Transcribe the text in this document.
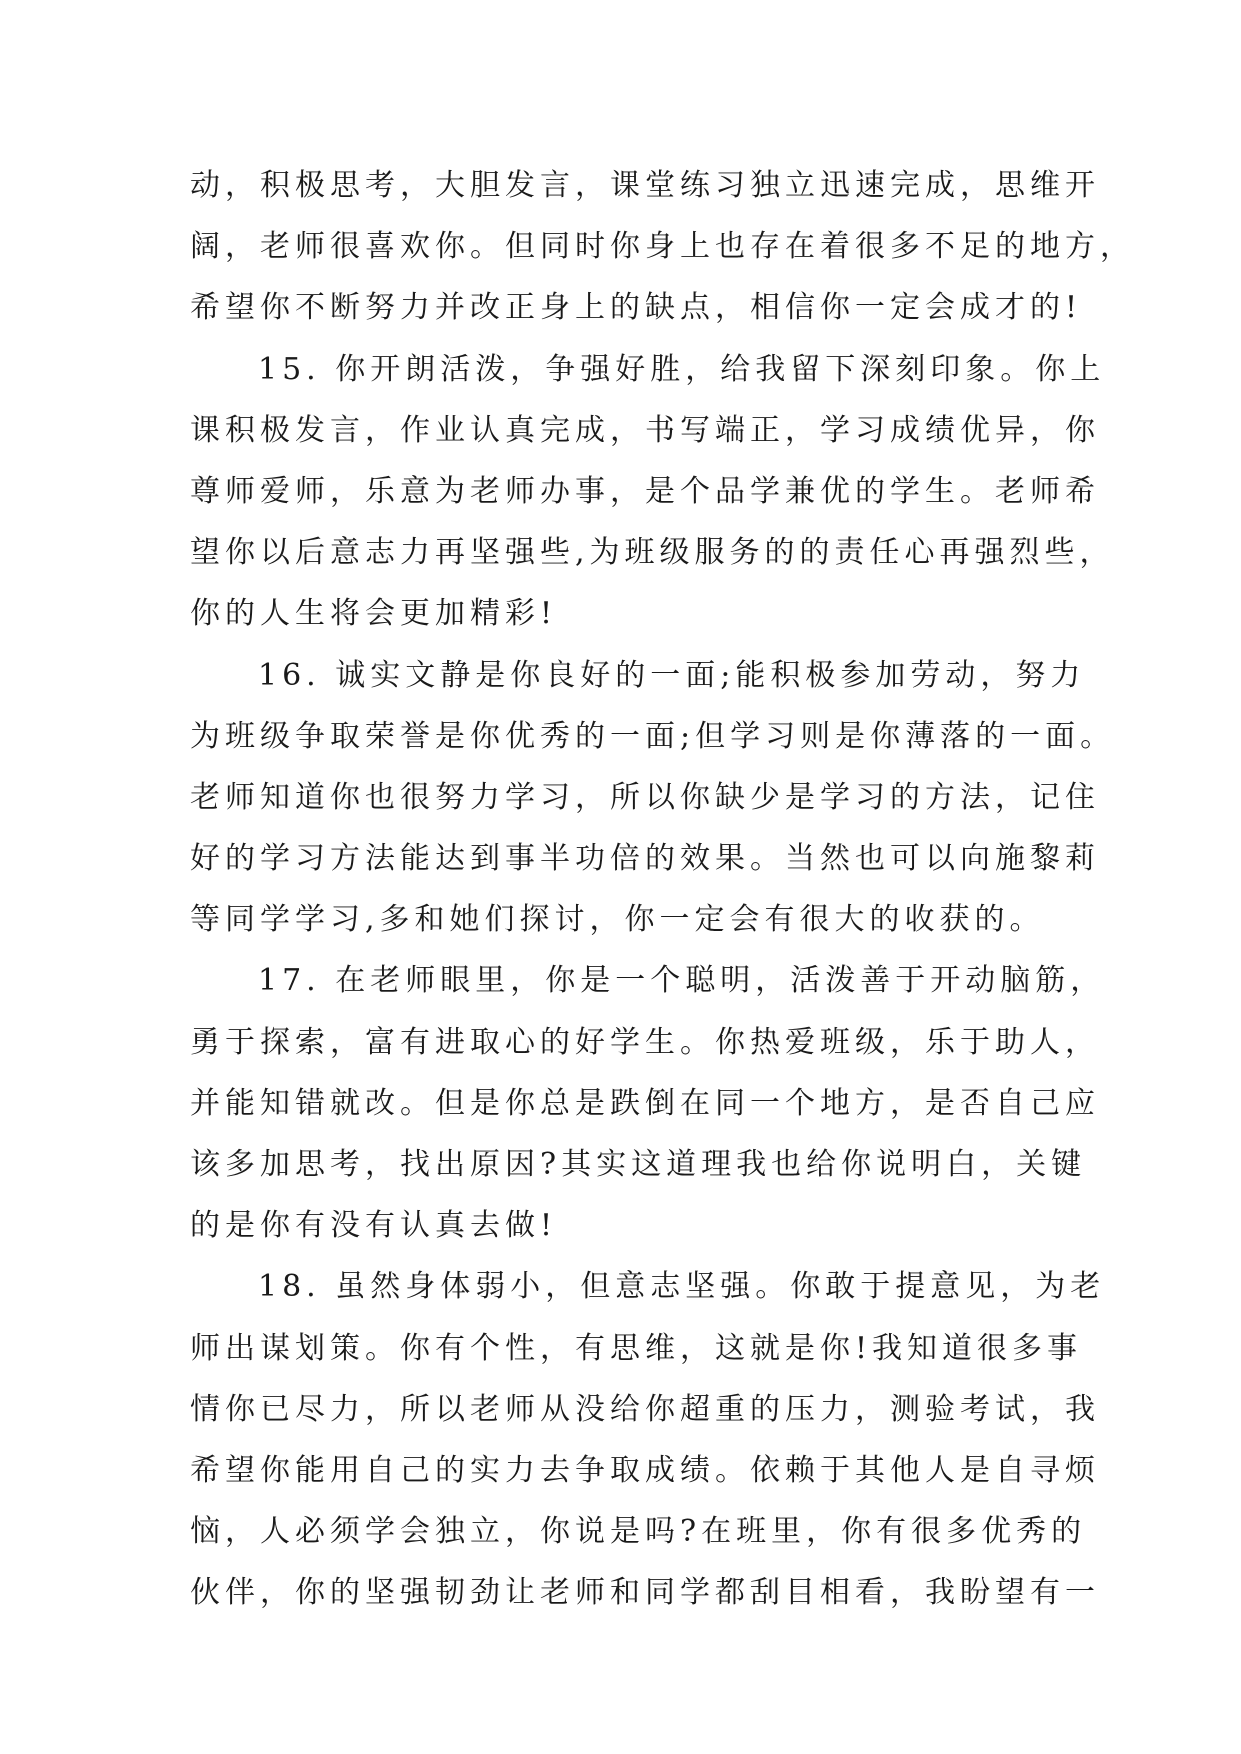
动，积极思考，大胆发言，课堂练习独立迅速完成，思维开
阔，老师很喜欢你。但同时你身上也存在着很多不足的地方，
希望你不断努力并改正身上的缺点，相信你一定会成才的!
15. 你开朗活泼，争强好胜，给我留下深刻印象。你上
课积极发言，作业认真完成，书写端正，学习成绩优异，你
尊师爱师，乐意为老师办事，是个品学兼优的学生。老师希
望你以后意志力再坚强些,为班级服务的的责任心再强烈些，
你的人生将会更加精彩!
16. 诚实文静是你良好的一面;能积极参加劳动，努力
为班级争取荣誉是你优秀的一面;但学习则是你薄落的一面。
老师知道你也很努力学习，所以你缺少是学习的方法，记住
好的学习方法能达到事半功倍的效果。当然也可以向施黎莉
等同学学习,多和她们探讨，你一定会有很大的收获的。
17. 在老师眼里，你是一个聪明，活泼善于开动脑筋，
勇于探索，富有进取心的好学生。你热爱班级，乐于助人，
并能知错就改。但是你总是跌倒在同一个地方，是否自己应
该多加思考，找出原因?其实这道理我也给你说明白，关键
的是你有没有认真去做!
18. 虽然身体弱小，但意志坚强。你敢于提意见，为老
师出谋划策。你有个性，有思维，这就是你!我知道很多事
情你已尽力，所以老师从没给你超重的压力，测验考试，我
希望你能用自己的实力去争取成绩。依赖于其他人是自寻烦
恼，人必须学会独立，你说是吗?在班里，你有很多优秀的
伙伴，你的坚强韧劲让老师和同学都刮目相看，我盼望有一
